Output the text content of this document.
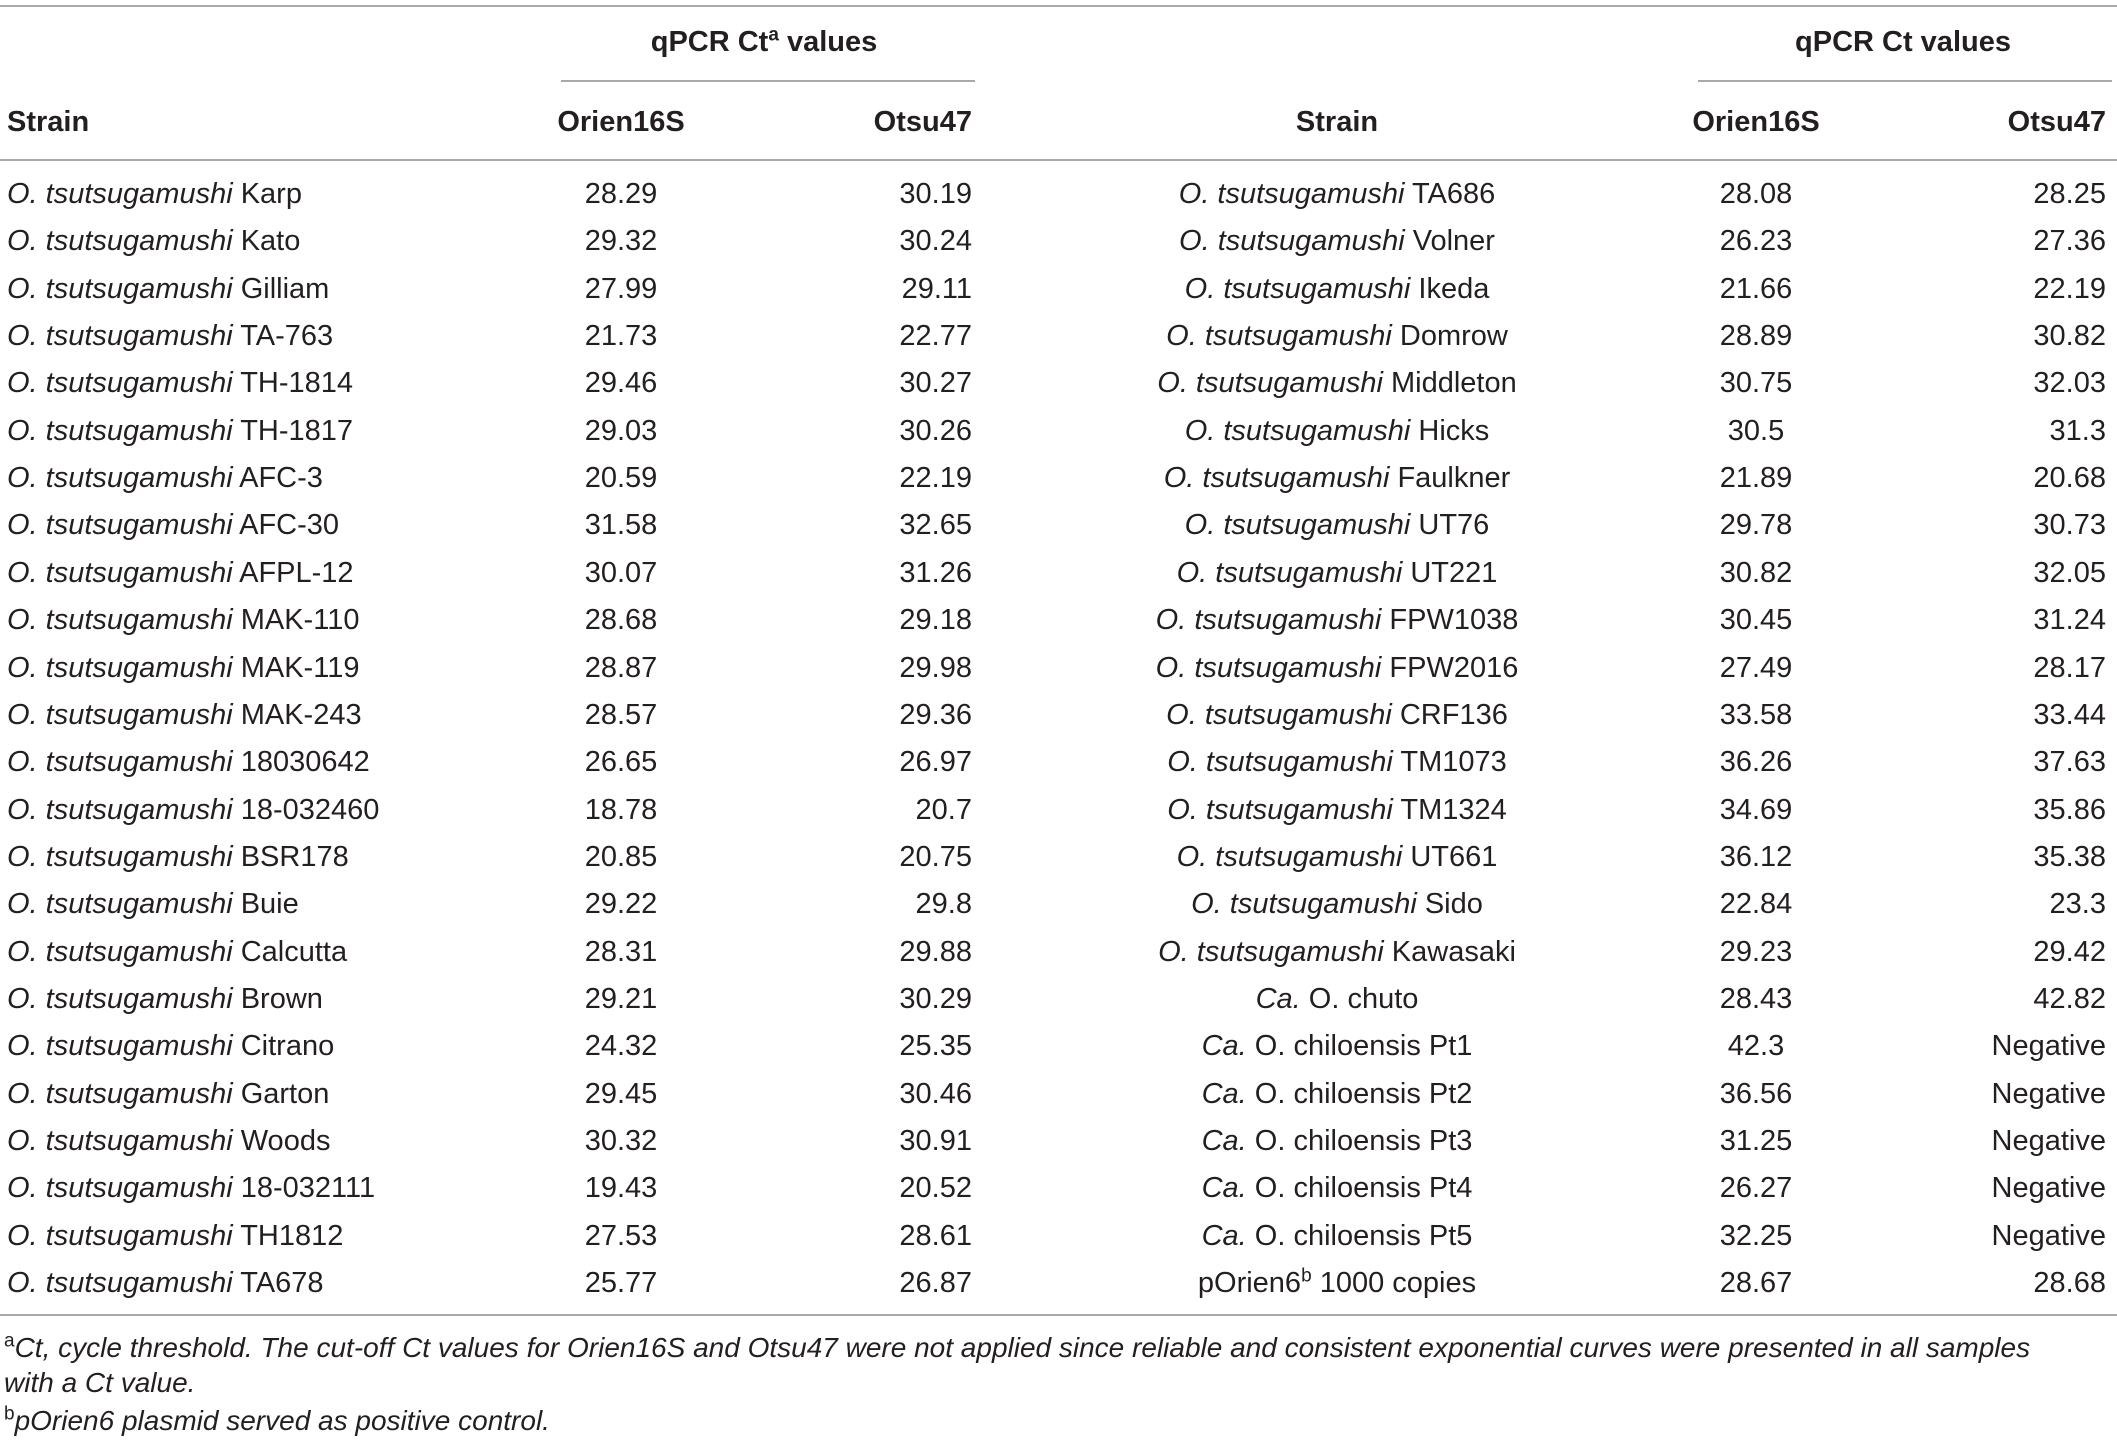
qPCR Ct$^a$ values	qPCR Ct values
Strain	Orien16S	Otsu47	Strain	Orien16S	Otsu47
O. tsutsugamushi Karp	28.29	30.19	O. tsutsugamushi TA686	28.08	28.25
O. tsutsugamushi Kato	29.32	30.24	O. tsutsugamushi Volner	26.23	27.36
O. tsutsugamushi Gilliam	27.99	29.11	O. tsutsugamushi Ikeda	21.66	22.19
O. tsutsugamushi TA-763	21.73	22.77	O. tsutsugamushi Domrow	28.89	30.82
O. tsutsugamushi TH-1814	29.46	30.27	O. tsutsugamushi Middleton	30.75	32.03
O. tsutsugamushi TH-1817	29.03	30.26	O. tsutsugamushi Hicks	30.5	31.3
O. tsutsugamushi AFC-3	20.59	22.19	O. tsutsugamushi Faulkner	21.89	20.68
O. tsutsugamushi AFC-30	31.58	32.65	O. tsutsugamushi UT76	29.78	30.73
O. tsutsugamushi AFPL-12	30.07	31.26	O. tsutsugamushi UT221	30.82	32.05
O. tsutsugamushi MAK-110	28.68	29.18	O. tsutsugamushi FPW1038	30.45	31.24
O. tsutsugamushi MAK-119	28.87	29.98	O. tsutsugamushi FPW2016	27.49	28.17
O. tsutsugamushi MAK-243	28.57	29.36	O. tsutsugamushi CRF136	33.58	33.44
O. tsutsugamushi 18030642	26.65	26.97	O. tsutsugamushi TM1073	36.26	37.63
O. tsutsugamushi 18-032460	18.78	20.7	O. tsutsugamushi TM1324	34.69	35.86
O. tsutsugamushi BSR178	20.85	20.75	O. tsutsugamushi UT661	36.12	35.38
O. tsutsugamushi Buie	29.22	29.8	O. tsutsugamushi Sido	22.84	23.3
O. tsutsugamushi Calcutta	28.31	29.88	O. tsutsugamushi Kawasaki	29.23	29.42
O. tsutsugamushi Brown	29.21	30.29	Ca. O. chuto	28.43	42.82
O. tsutsugamushi Citrano	24.32	25.35	Ca. O. chiloensis Pt1	42.3	Negative
O. tsutsugamushi Garton	29.45	30.46	Ca. O. chiloensis Pt2	36.56	Negative
O. tsutsugamushi Woods	30.32	30.91	Ca. O. chiloensis Pt3	31.25	Negative
O. tsutsugamushi 18-032111	19.43	20.52	Ca. O. chiloensis Pt4	26.27	Negative
O. tsutsugamushi TH1812	27.53	28.61	Ca. O. chiloensis Pt5	32.25	Negative
O. tsutsugamushi TA678	25.77	26.87	pOrien6$^b$ 1000 copies	28.67	28.68
$^a$Ct, cycle threshold. The cut-off Ct values for Orien16S and Otsu47 were not applied since reliable and consistent exponential curves were presented in all samples
with a Ct value.
$^b$pOrien6 plasmid served as positive control.
